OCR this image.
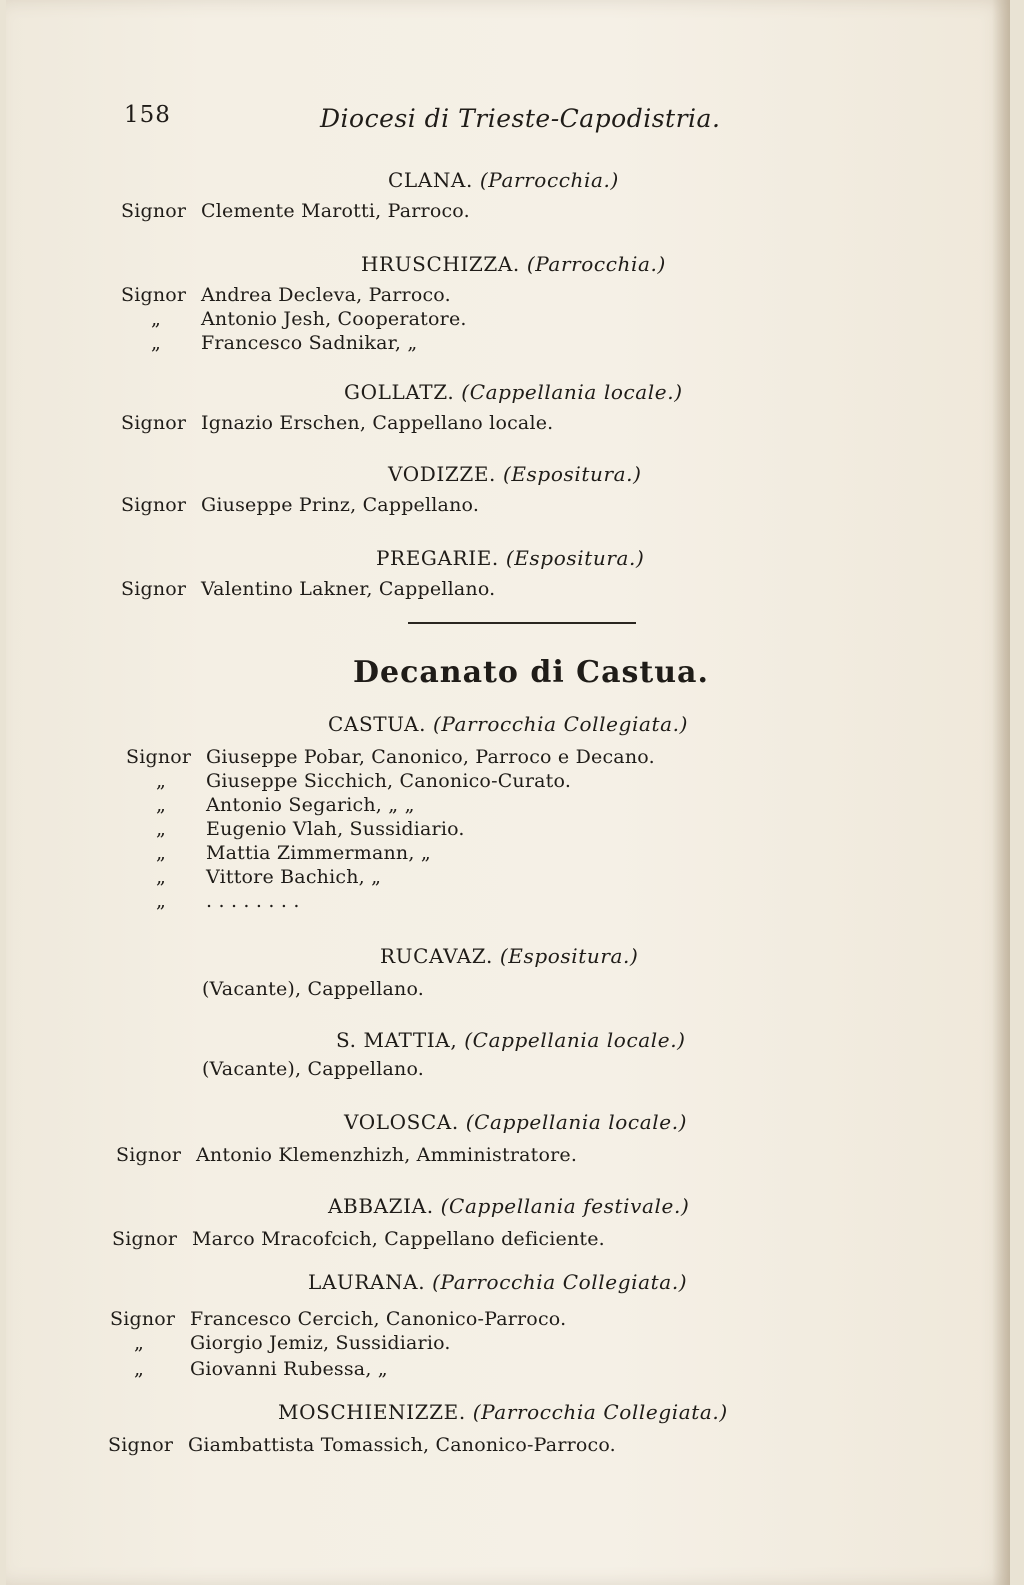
158	Diocesi di Trieste-Capodistria.
CLANA. (Parrocchia.)
Signor Clemente Marotti, Parroco.
HRUSCHIZZA. (Parrocchia.)
Signor Andrea Decleva, Parroco.
„ Antonio Jesh, Cooperatore.
„ Francesco Sadnikar, „
GOLLATZ. (Cappellania locale.)
Signor Ignazio Erschen, Cappellano locale.
VODIZZE. (Espositura.)
Signor Giuseppe Prinz, Cappellano.
PREGARIE. (Espositura.)
Signor Valentino Lakner, Cappellano.
Decanato di Castua.
CASTUA. (Parrocchia Collegiata.)
Signor Giuseppe Pobar, Canonico, Parroco e Decano.
„ Giuseppe Sicchich, Canonico-Curato.
„ Antonio Segarich, „ „
„ Eugenio Vlah, Sussidiario.
„ Mattia Zimmermann, „
„ Vittore Bachich, „
„ . . . . . . . .
RUCAVAZ. (Espositura.)
(Vacante), Cappellano.
S. MATTIA, (Cappellania locale.)
(Vacante), Cappellano.
VOLOSCA. (Cappellania locale.)
Signor Antonio Klemenzhizh, Amministratore.
ABBAZIA. (Cappellania festivale.)
Signor Marco Mracofcich, Cappellano deficiente.
LAURANA. (Parrocchia Collegiata.)
Signor Francesco Cercich, Canonico-Parroco.
„ Giorgio Jemiz, Sussidiario.
„ Giovanni Rubessa, „
MOSCHIENIZZE. (Parrocchia Collegiata.)
Signor Giambattista Tomassich, Canonico-Parroco.
